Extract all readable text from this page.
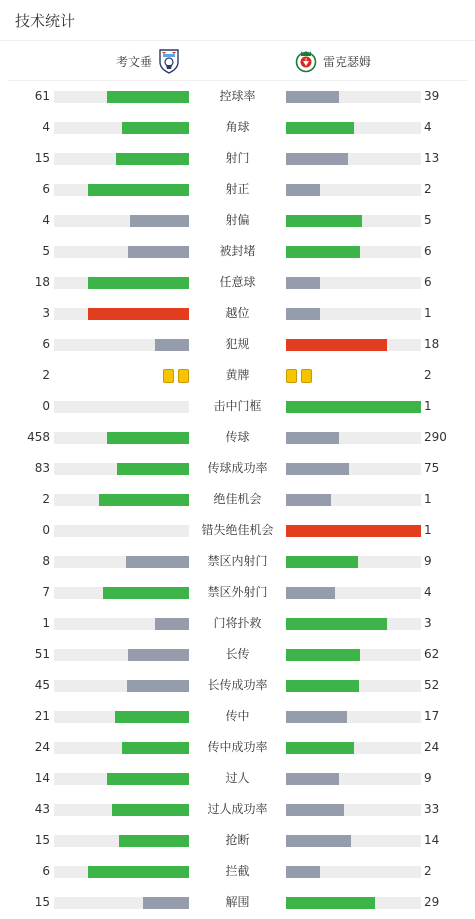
技术统计
考文垂	雷克瑟姆
61	控球率	39
4	角球	4
15	射门	13
6	射正	2
4	射偏	5
5	被封堵	6
18	任意球	6
3	越位	1
6	犯规	18
2	黄牌	2
0	击中门框	1
458	传球	290
83	传球成功率	75
2	绝佳机会	1
0	错失绝佳机会	1
8	禁区内射门	9
7	禁区外射门	4
1	门将扑救	3
51	长传	62
45	长传成功率	52
21	传中	17
24	传中成功率	24
14	过人	9
43	过人成功率	33
15	抢断	14
6	拦截	2
15	解围	29
